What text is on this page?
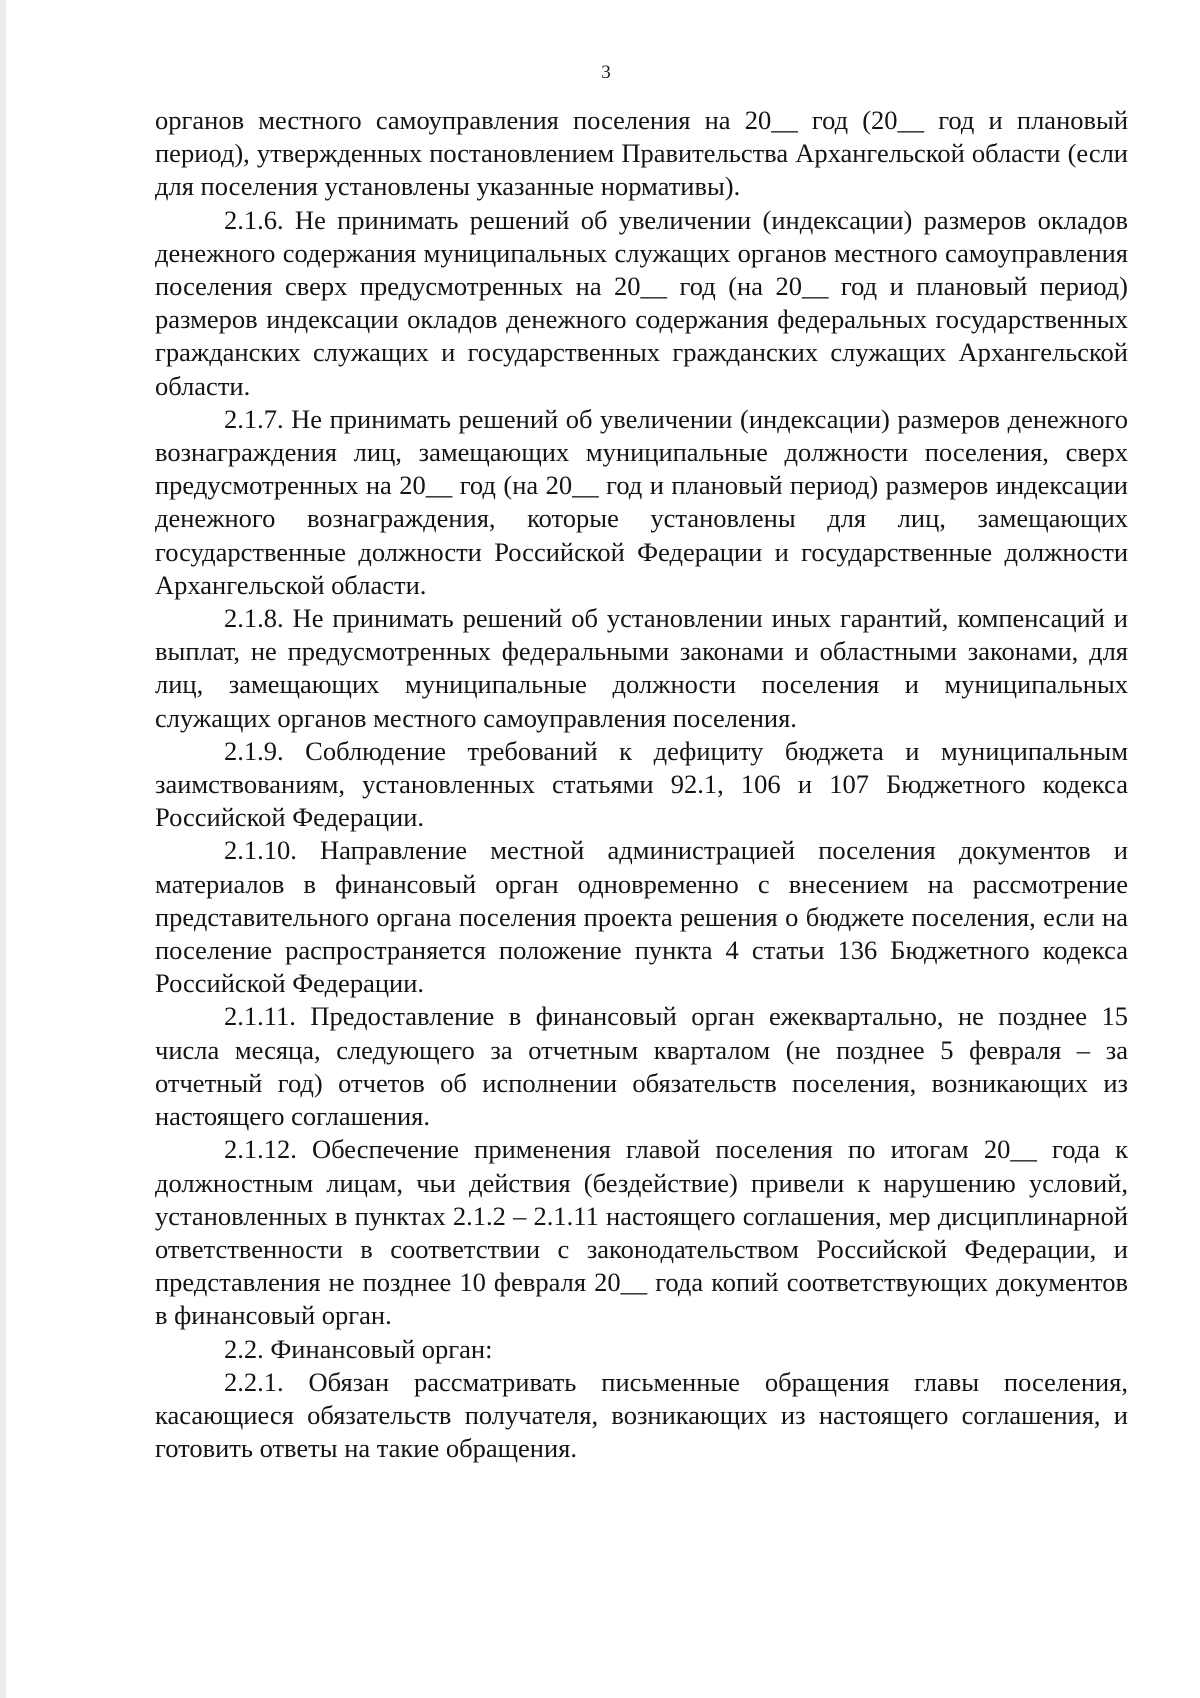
3

органов местного самоуправления поселения на 20__ год (20__ год и плановый период), утвержденных постановлением Правительства Архангельской области (если для поселения установлены указанные нормативы).

2.1.6. Не принимать решений об увеличении (индексации) размеров окладов денежного содержания муниципальных служащих органов местного самоуправления поселения сверх предусмотренных на 20__ год (на 20__ год и плановый период) размеров индексации окладов денежного содержания федеральных государственных гражданских служащих и государственных гражданских служащих Архангельской области.

2.1.7. Не принимать решений об увеличении (индексации) размеров денежного вознаграждения лиц, замещающих муниципальные должности поселения, сверх предусмотренных на 20__ год (на 20__ год и плановый период) размеров индексации денежного вознаграждения, которые установлены для лиц, замещающих государственные должности Российской Федерации и государственные должности Архангельской области.

2.1.8. Не принимать решений об установлении иных гарантий, компенсаций и выплат, не предусмотренных федеральными законами и областными законами, для лиц, замещающих муниципальные должности поселения и муниципальных служащих органов местного самоуправления поселения.

2.1.9. Соблюдение требований к дефициту бюджета и муниципальным заимствованиям, установленных статьями 92.1, 106 и 107 Бюджетного кодекса Российской Федерации.

2.1.10. Направление местной администрацией поселения документов и материалов в финансовый орган одновременно с внесением на рассмотрение представительного органа поселения проекта решения о бюджете поселения, если на поселение распространяется положение пункта 4 статьи 136 Бюджетного кодекса Российской Федерации.

2.1.11. Предоставление в финансовый орган ежеквартально, не позднее 15 числа месяца, следующего за отчетным кварталом (не позднее 5 февраля – за отчетный год) отчетов об исполнении обязательств поселения, возникающих из настоящего соглашения.

2.1.12. Обеспечение применения главой поселения по итогам 20__ года к должностным лицам, чьи действия (бездействие) привели к нарушению условий, установленных в пунктах 2.1.2 – 2.1.11 настоящего соглашения, мер дисциплинарной ответственности в соответствии с законодательством Российской Федерации, и представления не позднее 10 февраля 20__ года копий соответствующих документов в финансовый орган.

2.2. Финансовый орган:

2.2.1. Обязан рассматривать письменные обращения главы поселения, касающиеся обязательств получателя, возникающих из настоящего соглашения, и готовить ответы на такие обращения.
